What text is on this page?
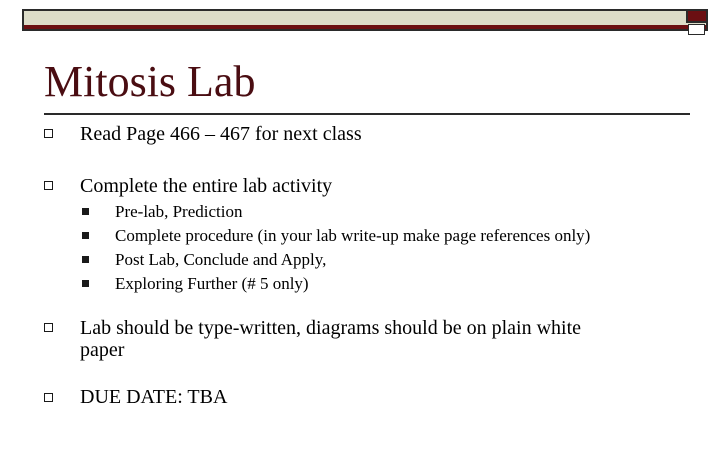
Mitosis Lab
Read Page 466 – 467 for next class
Complete the entire lab activity
Pre-lab, Prediction
Complete procedure (in your lab write-up make page references only)
Post Lab, Conclude and Apply,
Exploring Further (# 5 only)
Lab should be type-written, diagrams should be on plain white
paper
DUE DATE: TBA
